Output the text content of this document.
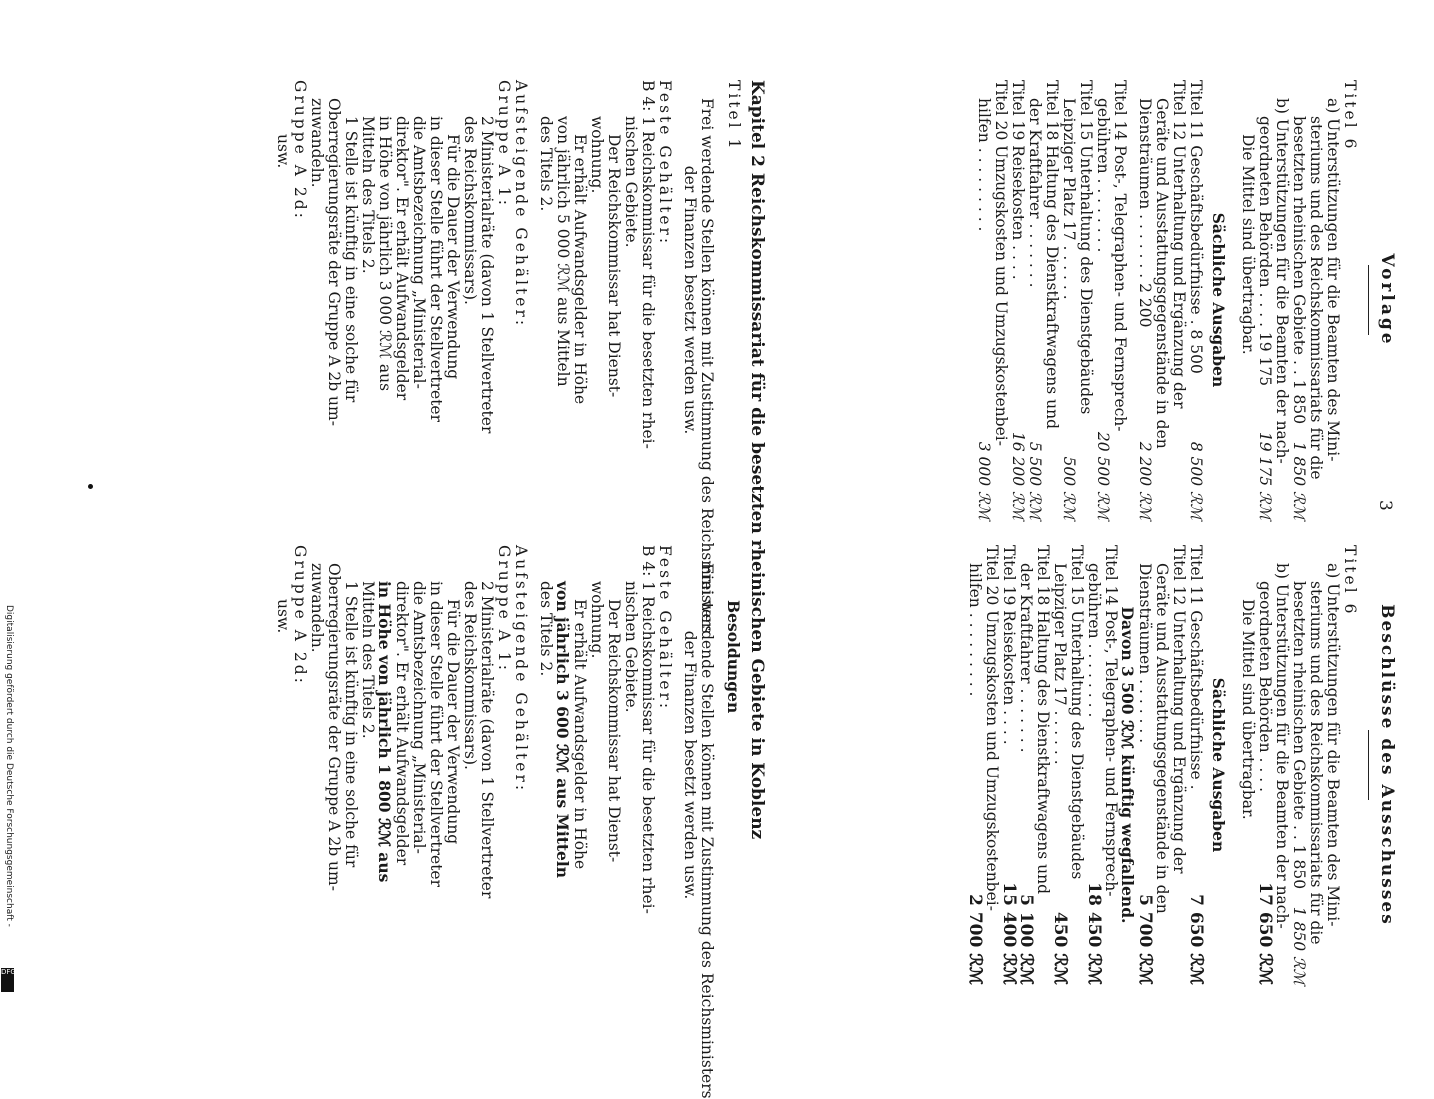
3
Vorlage
Titel 6
a) Unterstützungen für die Beamten des Mini-
steriums und des Reichskommissariats für die
besetzten rheinischen Gebiete . . 1 850
1 850 ℛℳ
b) Unterstützungen für die Beamten der nach-
geordneten Behörden . . . . 19 175
19 175 ℛℳ
Die Mittel sind übertragbar.
Sächliche Ausgaben
Titel 11 Geschäftsbedürfnisse . 8 500
8 500 ℛℳ
Titel 12 Unterhaltung und Ergänzung der
Geräte und Ausstattungsgegenstände in den
Diensträumen . . . . . . . 2 200
2 200 ℛℳ
Titel 14 Post-, Telegraphen- und Fernsprech-
gebühren . . . . . . . .
20 500 ℛℳ
Titel 15 Unterhaltung des Dienstgebäudes
Leipziger Platz 17 . . . . . .
500 ℛℳ
Titel 18 Haltung des Dienstkraftwagens und
der Kraftfahrer . . . . . . .
5 500 ℛℳ
Titel 19 Reisekosten . . . .
16 200 ℛℳ
Titel 20 Umzugskosten und Umzugskostenbei-
hilfen . . . . . . . . .
3 000 ℛℳ
Beschlüsse des Ausschusses
Titel 6
a) Unterstützungen für die Beamten des Mini-
steriums und des Reichskommissariats für die
besetzten rheinischen Gebiete . . 1 850
1 850 ℛℳ
b) Unterstützungen für die Beamten der nach-
geordneten Behörden . . . .
17 650 ℛℳ
Die Mittel sind übertragbar.
Sächliche Ausgaben
Titel 11 Geschäftsbedürfnisse .
7 650 ℛℳ
Titel 12 Unterhaltung und Ergänzung der
Geräte und Ausstattungsgegenstände in den
Diensträumen . . . . . . .
5 700 ℛℳ
Davon 3 500 ℛℳ künftig wegfallend.
Titel 14 Post-, Telegraphen- und Fernsprech-
gebühren . . . . . . . .
18 450 ℛℳ
Titel 15 Unterhaltung des Dienstgebäudes
Leipziger Platz 17 . . . . . .
450 ℛℳ
Titel 18 Haltung des Dienstkraftwagens und
der Kraftfahrer . . . . . . .
5 100 ℛℳ
Titel 19 Reisekosten . . . .
15 400 ℛℳ
Titel 20 Umzugskosten und Umzugskostenbei-
hilfen . . . . . . . . .
2 700 ℛℳ
Kapitel 2 Reichskommissariat für die besetzten rheinischen Gebiete in Koblenz
Titel 1
Besoldungen
Frei werdende Stellen können mit Zustimmung des Reichsministers
der Finanzen besetzt werden usw.
Feste Gehälter:
B 4: 1 Reichskommissar für die besetzten rhei-
nischen Gebiete.
Der Reichskommissar hat Dienst-
wohnung.
Er erhält Aufwandsgelder in Höhe
von jährlich 5 000 ℛℳ aus Mitteln
des Titels 2.
Aufsteigende Gehälter:
Gruppe A 1:
2 Ministerialräte (davon 1 Stellvertreter
des Reichskommissars).
Für die Dauer der Verwendung
in dieser Stelle führt der Stellvertreter
die Amtsbezeichnung „Ministerial-
direktor". Er erhält Aufwandsgelder
in Höhe von jährlich 3 000 ℛℳ aus
Mitteln des Titels 2.
1 Stelle ist künftig in eine solche für
Oberregierungsräte der Gruppe A 2b um-
zuwandeln.
Gruppe A 2d:
usw.
Frei werdende Stellen können mit Zustimmung des Reichsministers
der Finanzen besetzt werden usw.
Feste Gehälter:
B 4: 1 Reichskommissar für die besetzten rhei-
nischen Gebiete.
Der Reichskommissar hat Dienst-
wohnung.
Er erhält Aufwandsgelder in Höhe
von jährlich 3 600 ℛℳ aus Mitteln
des Titels 2.
Aufsteigende Gehälter:
Gruppe A 1:
2 Ministerialräte (davon 1 Stellvertreter
des Reichskommissars).
Für die Dauer der Verwendung
in dieser Stelle führt der Stellvertreter
die Amtsbezeichnung „Ministerial-
direktor". Er erhält Aufwandsgelder
in Höhe von jährlich 1 800 ℛℳ aus
Mitteln des Titels 2.
1 Stelle ist künftig in eine solche für
Oberregierungsräte der Gruppe A 2b um-
zuwandeln.
Gruppe A 2d:
usw.
Digitalisierung gefördert durch die Deutsche Forschungsgemeinschaft -
DFG
